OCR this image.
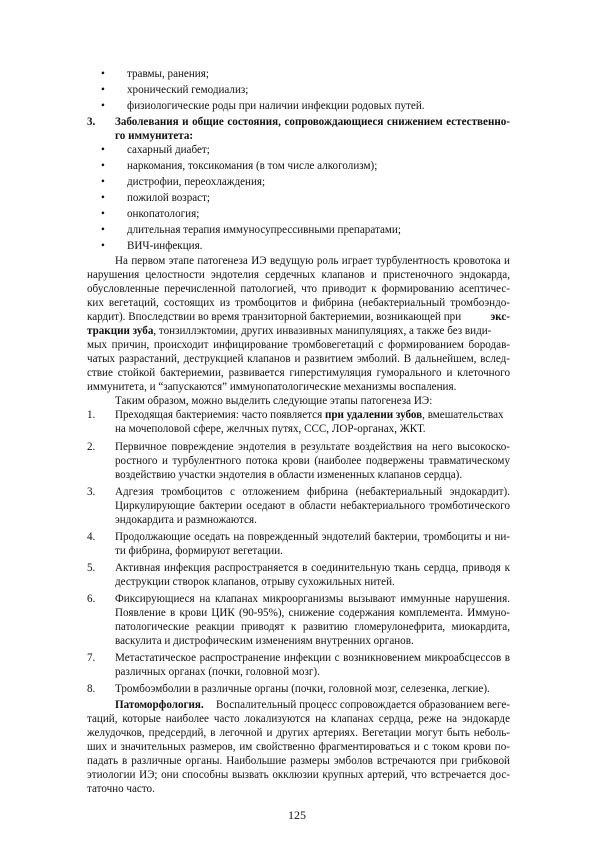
• травмы, ранения;
• хронический гемодиализ;
• физиологические роды при наличии инфекции родовых путей.
3. Заболевания и общие состояния, сопровождающиеся снижением естественно-
го иммунитета:
• сахарный диабет;
• наркомания, токсикомания (в том числе алкоголизм);
• дистрофии, переохлаждения;
• пожилой возраст;
• онкопатология;
• длительная терапия иммуносупрессивными препаратами;
• ВИЧ-инфекция.
На первом этапе патогенеза ИЭ ведущую роль играет турбулентность кровотока и
нарушения целостности эндотелия сердечных клапанов и пристеночного эндокарда,
обусловленные перечисленной патологией, что приводит к формированию асептичес-
ких вегетаций, состоящих из тромбоцитов и фибрина (небактериальный тромбоэндо-
кардит). Впоследствии во время транзиторной бактериемии, возникающей при	экс-
тракции зуба, тонзиллэктомии, других инвазивных манипуляциях, а также без види-
мых причин, происходит инфицирование тромбовегетаций с формированием бородав-
чатых разрастаний, деструкцией клапанов и развитием эмболий. В дальнейшем, вслед-
ствие стойкой бактериемии, развивается гиперстимуляция гуморального и клеточного
иммунитета, и “запускаются” иммунопатологические механизмы воспаления.
Таким образом, можно выделить следующие этапы патогенеза ИЭ:
1. Преходящая бактериемия: часто появляется при удалении зубов, вмешательствах
на мочеполовой сфере, желчных путях, ССС, ЛОР-органах, ЖКТ.
2. Первичное повреждение эндотелия в результате воздействия на него высокоско-
ростного и турбулентного потока крови (наиболее подвержены травматическому
воздействию участки эндотелия в области измененных клапанов сердца).
3. Адгезия тромбоцитов с отложением фибрина (небактериальный эндокардит).
Циркулирующие бактерии оседают в области небактериального тромботического
эндокардита и размножаются.
4. Продолжающие оседать на поврежденный эндотелий бактерии, тромбоциты и ни-
ти фибрина, формируют вегетации.
5. Активная инфекция распространяется в соединительную ткань сердца, приводя к
деструкции створок клапанов, отрыву сухожильных нитей.
6. Фиксирующиеся на клапанах микроорганизмы вызывают иммунные нарушения.
Появление в крови ЦИК (90-95%), снижение содержания комплемента. Иммуно-
патологические реакции приводят к развитию гломерулонефрита, миокардита,
васкулита и дистрофическим изменениям внутренних органов.
7. Метастатическое распространение инфекции с возникновением микроабсцессов в
различных органах (почки, головной мозг).
8. Тромбоэмболии в различные органы (почки, головной мозг, селезенка, легкие).
Патоморфология. Воспалительный процесс сопровождается образованием веге-
таций, которые наиболее часто локализуются на клапанах сердца, реже на эндокарде
желудочков, предсердий, в легочной и других артериях. Вегетации могут быть неболь-
ших и значительных размеров, им свойственно фрагментироваться и с током крови по-
падать в различные органы. Наибольшие размеры эмболов встречаются при грибковой
этиологии ИЭ; они способны вызвать окклюзии крупных артерий, что встречается дос-
таточно часто.
125
